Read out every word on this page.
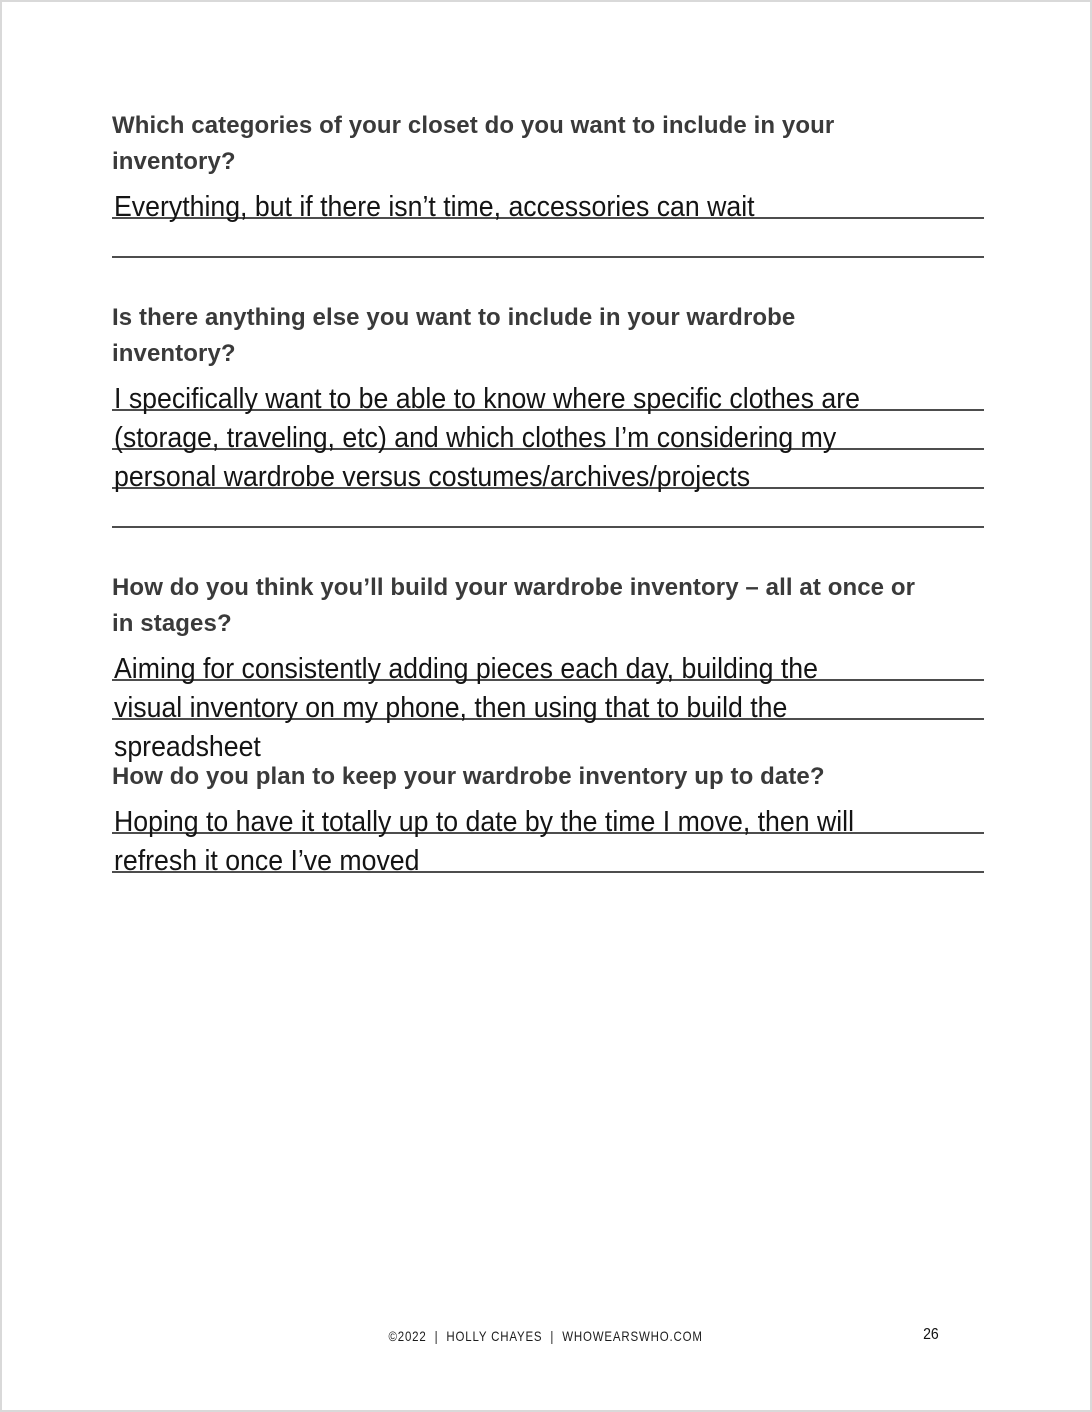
Which categories of your closet do you want to include in your
inventory?
Everything, but if there isn’t time, accessories can wait
Is there anything else you want to include in your wardrobe
inventory?
I specifically want to be able to know where specific clothes are
(storage, traveling, etc) and which clothes I’m considering my
personal wardrobe versus costumes/archives/projects
How do you think you’ll build your wardrobe inventory – all at once or
in stages?
Aiming for consistently adding pieces each day, building the
visual inventory on my phone, then using that to build the
spreadsheet
How do you plan to keep your wardrobe inventory up to date?
Hoping to have it totally up to date by the time I move, then will
refresh it once I’ve moved
©2022  |  HOLLY CHAYES  |  WHOWEARSWHO.COM	26
